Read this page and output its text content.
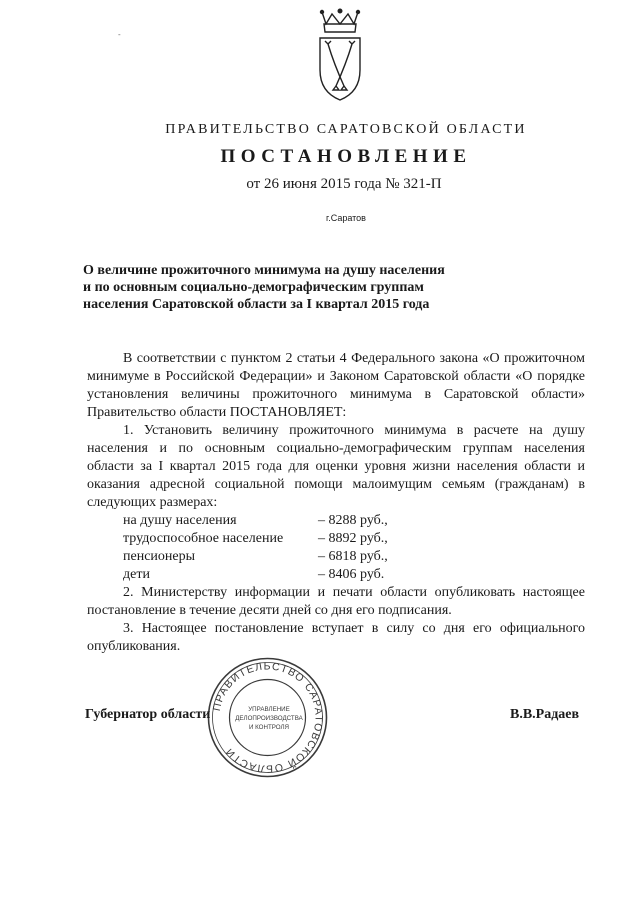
-
ПРАВИТЕЛЬСТВО САРАТОВСКОЙ ОБЛАСТИ
ПОСТАНОВЛЕНИЕ
от 26 июня 2015 года № 321-П
г.Саратов
О величине прожиточного минимума на душу населения
и по основным социально-демографическим группам
населения Саратовской области за I квартал 2015 года

В соответствии с пунктом 2 статьи 4 Федерального закона «О прожиточном минимуме в Российской Федерации» и Законом Саратовской области «О порядке установления величины прожиточного минимума в Саратовской области» Правительство области ПОСТАНОВЛЯЕТ:

1. Установить величину прожиточного минимума в расчете на душу населения и по основным социально-демографическим группам населения области за I квартал 2015 года для оценки уровня жизни населения области и оказания адресной социальной помощи малоимущим семьям (гражданам) в следующих размерах:

на душу населения	– 8288 руб.,
трудоспособное население	– 8892 руб.,
пенсионеры	– 6818 руб.,
дети	– 8406 руб.

2. Министерству информации и печати области опубликовать настоящее постановление в течение десяти дней со дня его подписания.

3. Настоящее постановление вступает в силу со дня его официального опубликования.

ПРАВИТЕЛЬСТВО САРАТОВСКОЙ ОБЛАСТИ
УПРАВЛЕНИЕ
ДЕЛОПРОИЗВОДСТВА
И КОНТРОЛЯ
Губернатор области	В.В.Радаев
